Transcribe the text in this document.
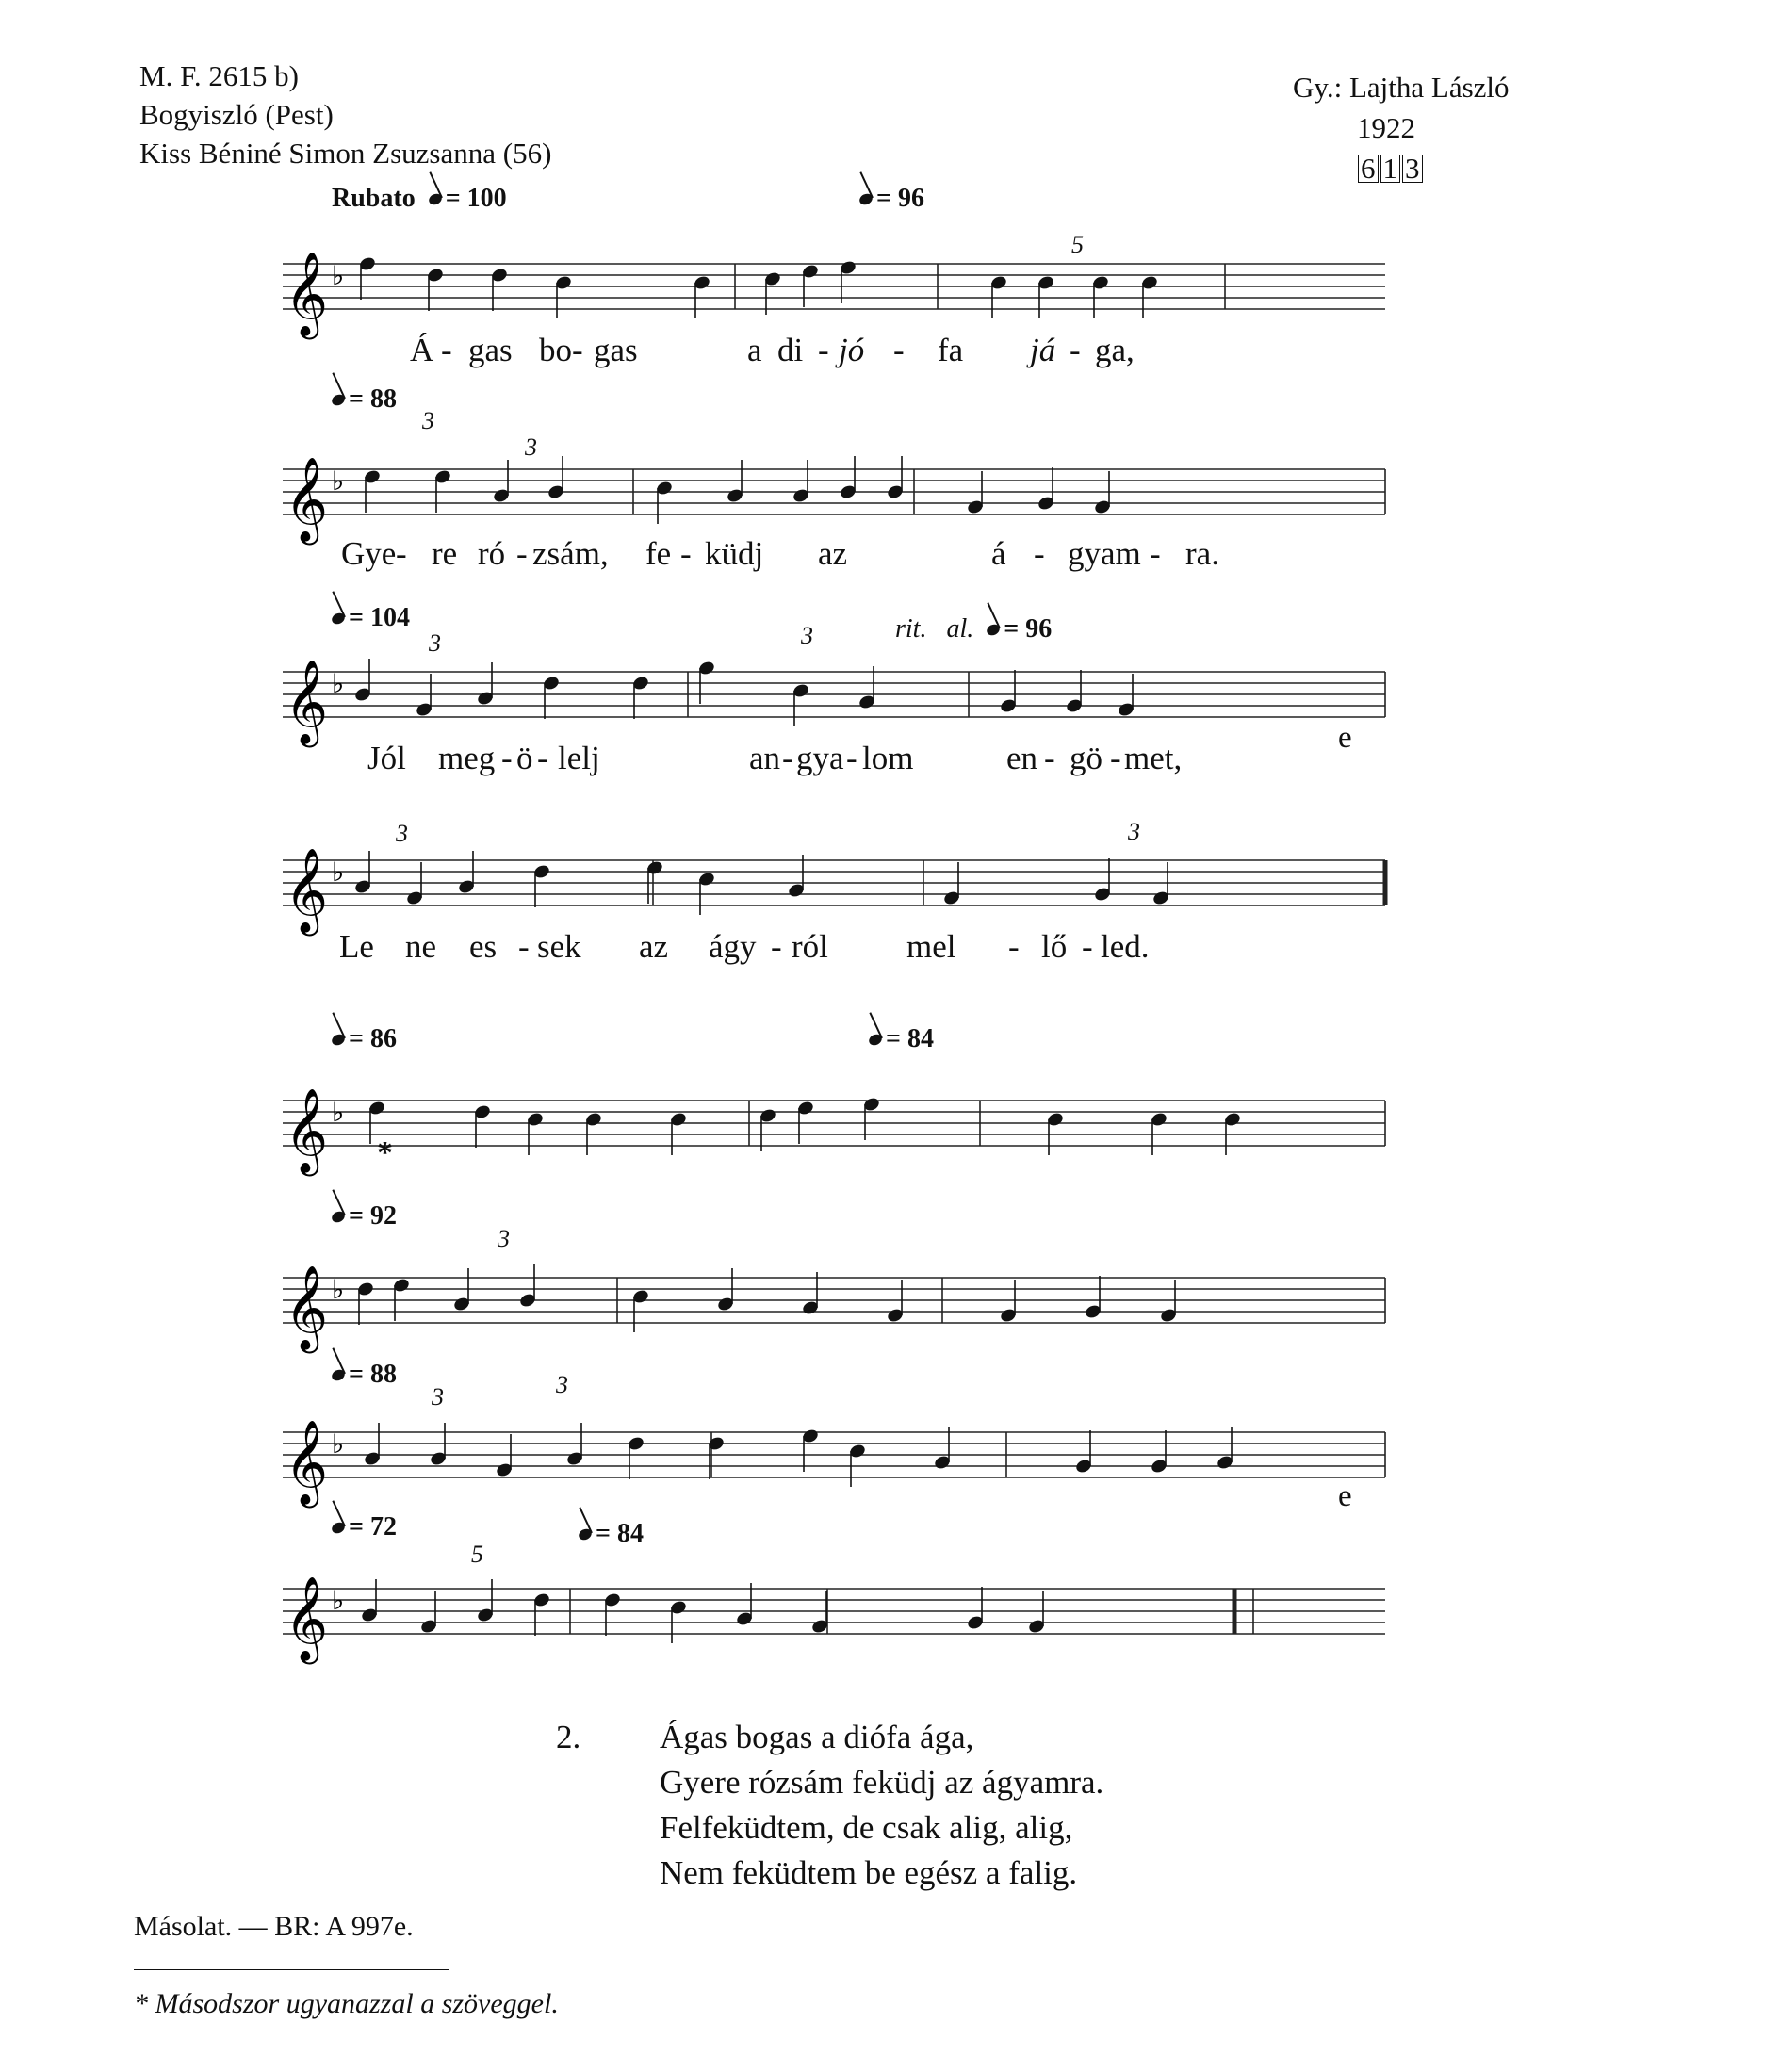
M. F. 2615 b)
Bogyiszló (Pest)
Kiss Béniné Simon Zsuzsanna (56)
Gy.: Lajtha László
1922
6 1 3
Rubato = 100	= 96
= 88
= 104	rit. al. = 96
= 86	= 84
= 92
= 88
= 72	= 84
𝄞 ♭
𝄞 ♭
𝄞 ♭
𝄞 ♭
𝄞 ♭
𝄞 ♭
𝄞 ♭
𝄞 ♭
5
3
3
3	3
3	3
3
3	3
5
*
e
e
Á - gas bo- gas	a di - jó - fa já - ga,
Gye - re ró - zsám, fe - küdj az	á - gyam - ra.
Jól meg - ö - lelj	an - gya - lom	en - gö - met,
Le ne es - sek az ágy - ról mel - lő - led.
2. Ágas bogas a diófa ága,
Gyere rózsám feküdj az ágyamra.
Felfeküdtem, de csak alig, alig,
Nem feküdtem be egész a falig.
Másolat. — BR: A 997e.
* Másodszor ugyanazzal a szöveggel.
